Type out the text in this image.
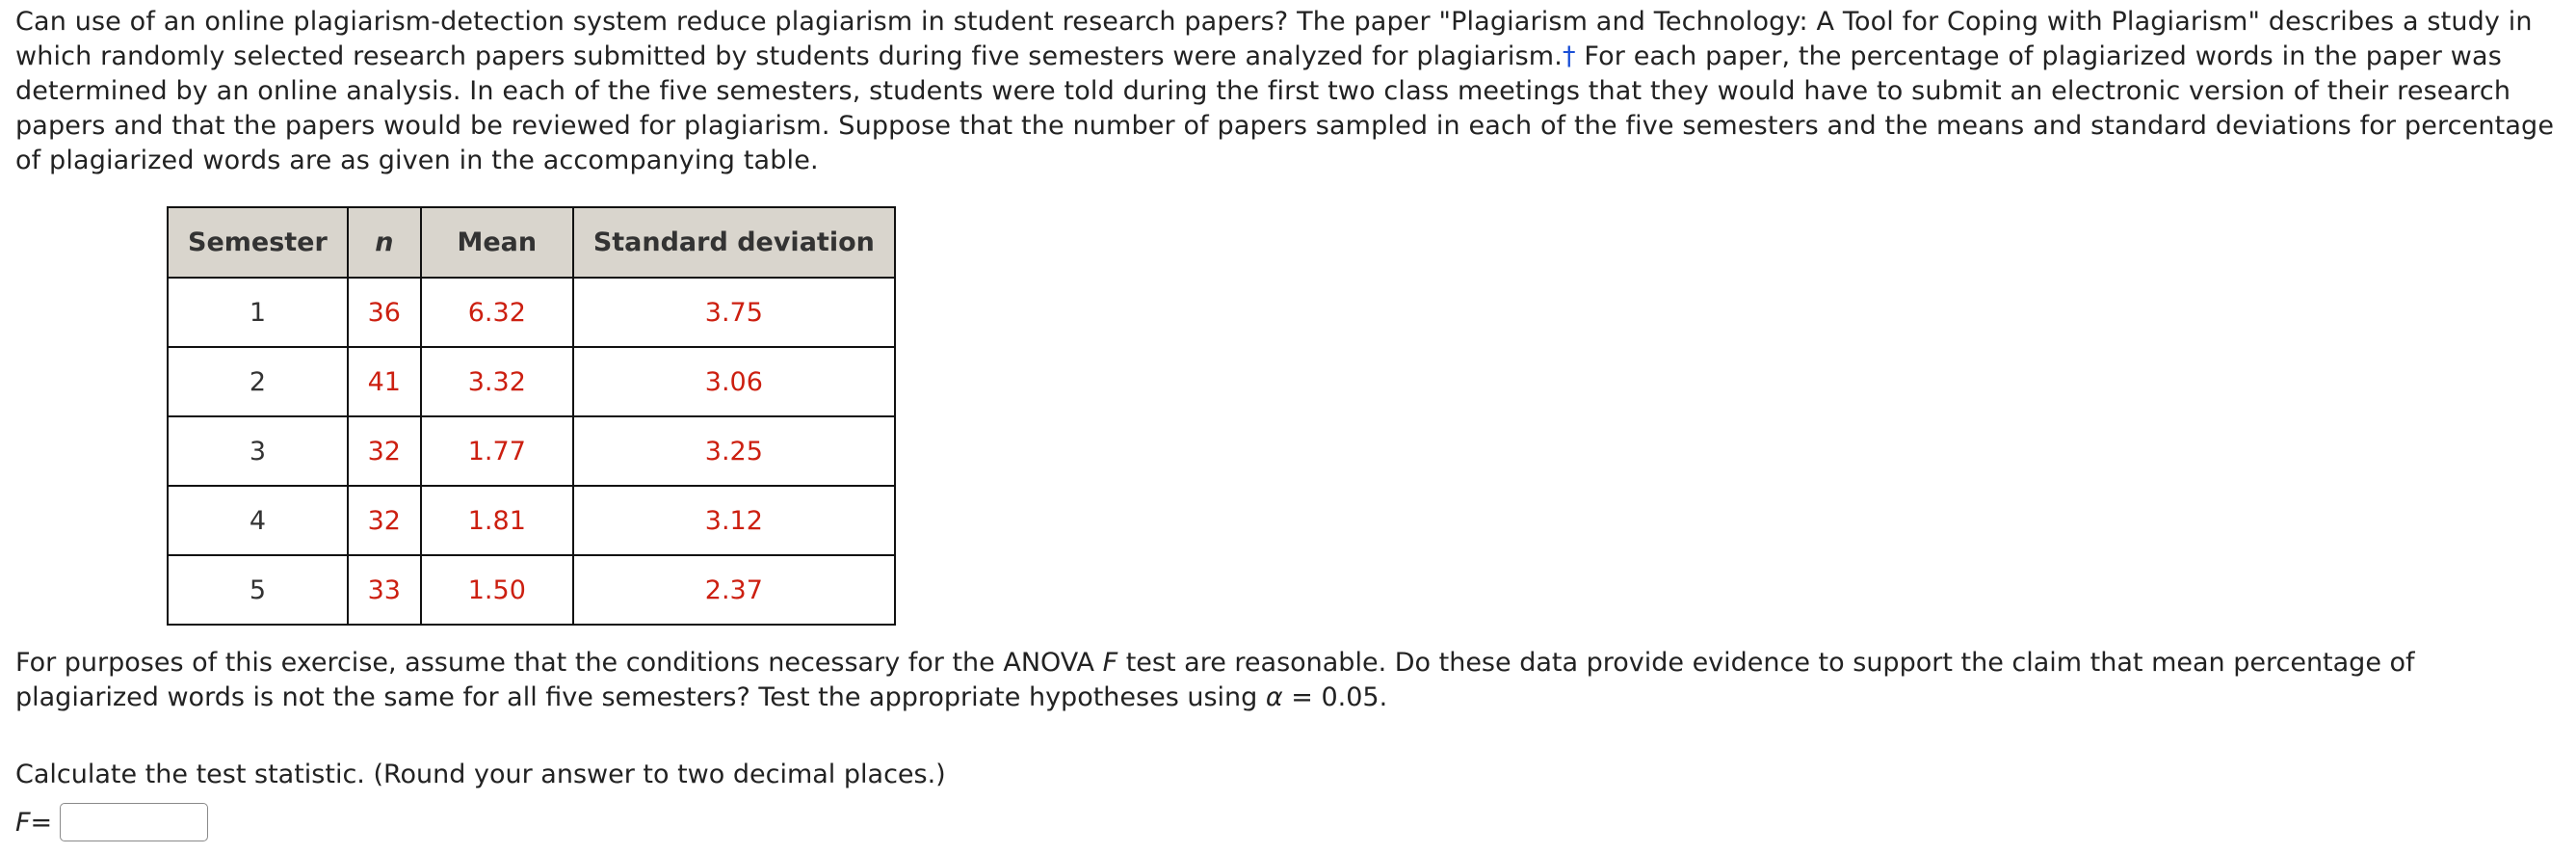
Can use of an online plagiarism-detection system reduce plagiarism in student research papers? The paper "Plagiarism and Technology: A Tool for Coping with Plagiarism" describes a study in which randomly selected research papers submitted by students during five semesters were analyzed for plagiarism.† For each paper, the percentage of plagiarized words in the paper was determined by an online analysis. In each of the five semesters, students were told during the first two class meetings that they would have to submit an electronic version of their research papers and that the papers would be reviewed for plagiarism. Suppose that the number of papers sampled in each of the five semesters and the means and standard deviations for percentage of plagiarized words are as given in the accompanying table.

Semester	n	Mean	Standard deviation
1	36	6.32	3.75
2	41	3.32	3.06
3	32	1.77	3.25
4	32	1.81	3.12
5	33	1.50	2.37

For purposes of this exercise, assume that the conditions necessary for the ANOVA F test are reasonable. Do these data provide evidence to support the claim that mean percentage of plagiarized words is not the same for all five semesters? Test the appropriate hypotheses using α = 0.05.

Calculate the test statistic. (Round your answer to two decimal places.)

F =
